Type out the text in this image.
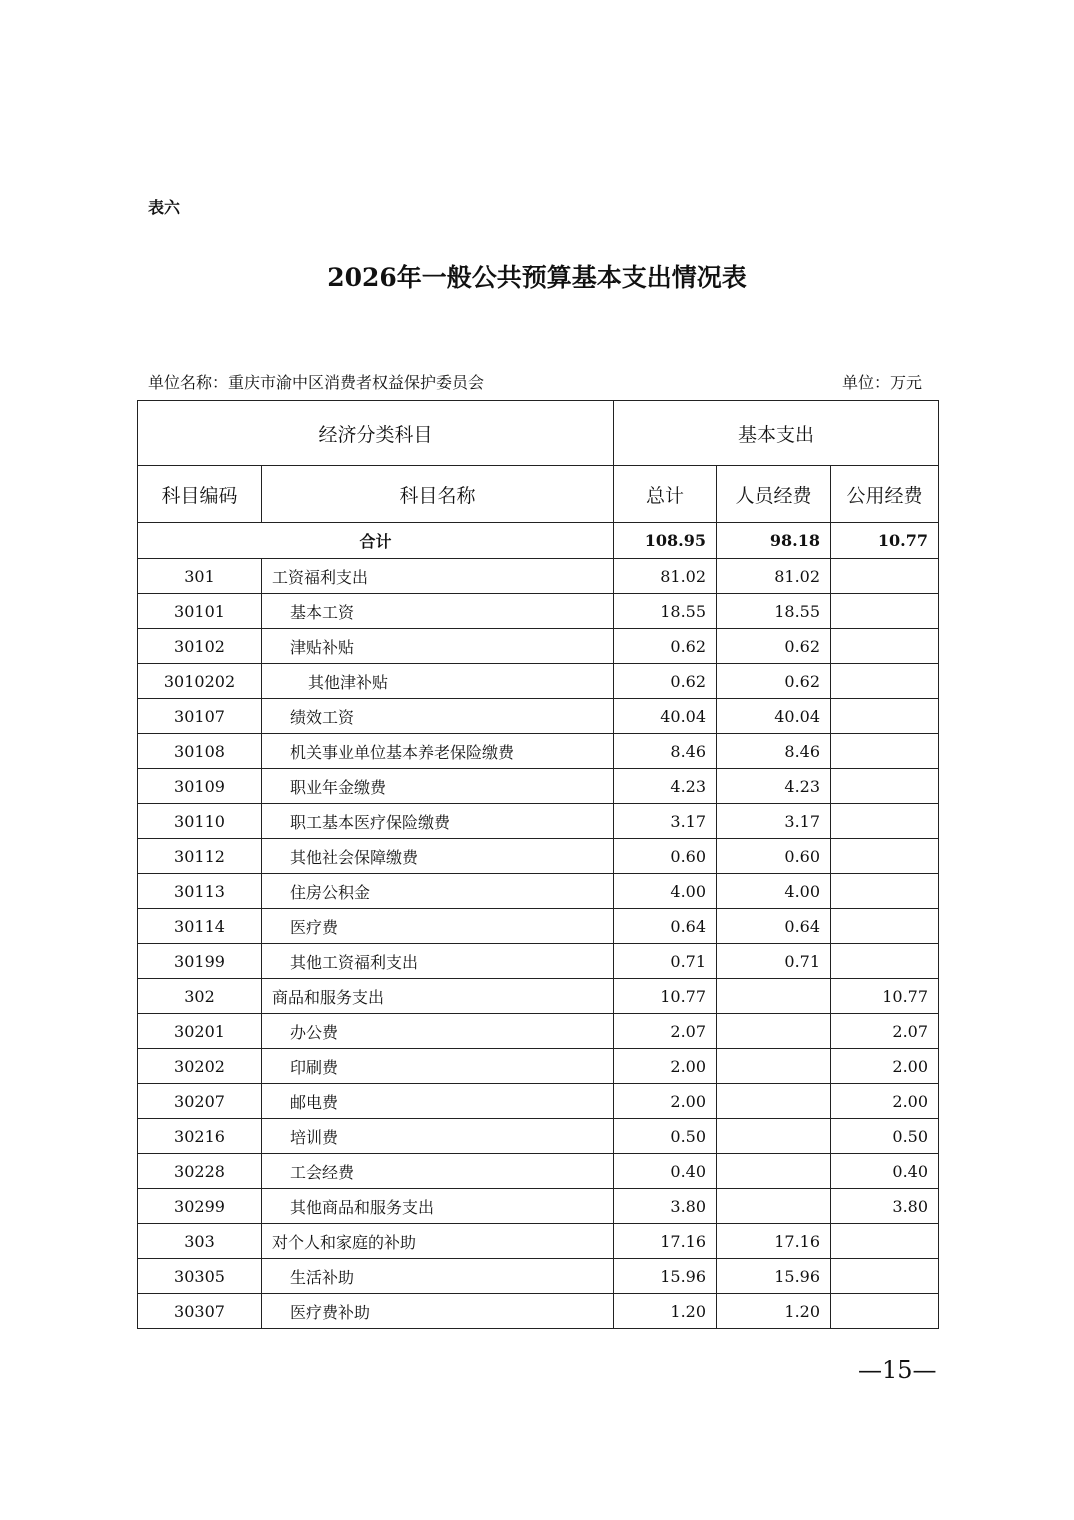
表六
2026年一般公共预算基本支出情况表
单位名称：重庆市渝中区消费者权益保护委员会	单位：万元
经济分类科目		基本支出		
科目编码	科目名称	总计	人员经费	公用经费
合计		108.95	98.18	10.77
301	工资福利支出	81.02	81.02	
30101	基本工资	18.55	18.55	
30102	津贴补贴	0.62	0.62	
3010202	其他津补贴	0.62	0.62	
30107	绩效工资	40.04	40.04	
30108	机关事业单位基本养老保险缴费	8.46	8.46	
30109	职业年金缴费	4.23	4.23	
30110	职工基本医疗保险缴费	3.17	3.17	
30112	其他社会保障缴费	0.60	0.60	
30113	住房公积金	4.00	4.00	
30114	医疗费	0.64	0.64	
30199	其他工资福利支出	0.71	0.71	
302	商品和服务支出	10.77		10.77
30201	办公费	2.07		2.07
30202	印刷费	2.00		2.00
30207	邮电费	2.00		2.00
30216	培训费	0.50		0.50
30228	工会经费	0.40		0.40
30299	其他商品和服务支出	3.80		3.80
303	对个人和家庭的补助	17.16	17.16	
30305	生活补助	15.96	15.96	
30307	医疗费补助	1.20	1.20	
—15—
